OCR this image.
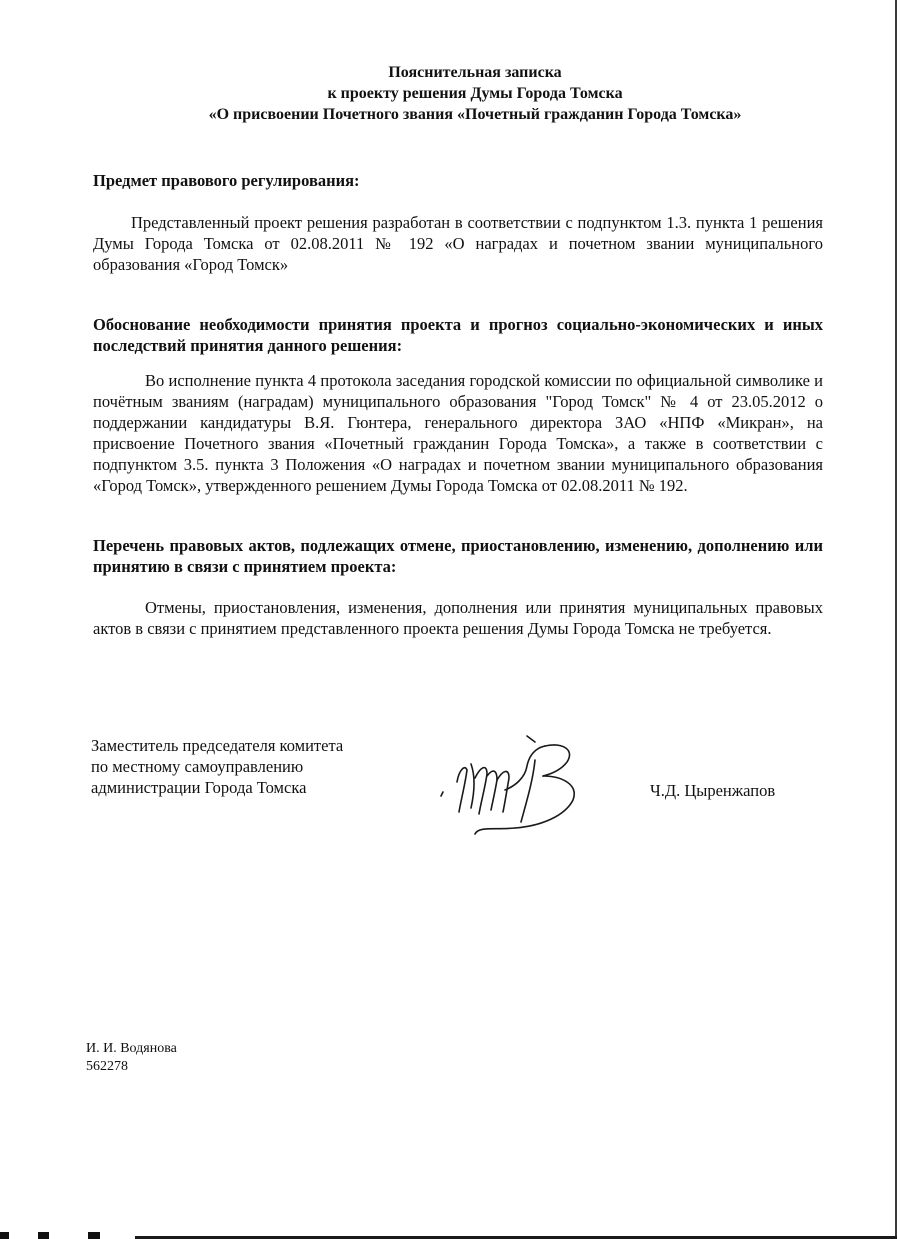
Пояснительная записка
к проекту решения Думы Города Томска
«О присвоении Почетного звания «Почетный гражданин Города Томска»
Предмет правового регулирования:

Представленный проект решения разработан в соответствии с подпунктом 1.3. пункта 1 решения Думы Города Томска от 02.08.2011 № 192 «О наградах и почетном звании муниципального образования «Город Томск»

Обоснование необходимости принятия проекта и прогноз социально-экономических и иных последствий принятия данного решения:

Во исполнение пункта 4 протокола заседания городской комиссии по официальной символике и почётным званиям (наградам) муниципального образования "Город Томск" № 4 от 23.05.2012 о поддержании кандидатуры В.Я. Гюнтера, генерального директора ЗАО «НПФ «Микран», на присвоение Почетного звания «Почетный гражданин Города Томска», а также в соответствии с подпунктом 3.5. пункта 3 Положения «О наградах и почетном звании муниципального образования «Город Томск», утвержденного решением Думы Города Томска от 02.08.2011 № 192.

Перечень правовых актов, подлежащих отмене, приостановлению, изменению, дополнению или принятию в связи с принятием проекта:

Отмены, приостановления, изменения, дополнения или принятия муниципальных правовых актов в связи с принятием представленного проекта решения Думы Города Томска не требуется.

Заместитель председателя комитета
по местному самоуправлению
администрации Города Томска	Ч.Д. Цыренжапов
И. И. Водянова
562278
